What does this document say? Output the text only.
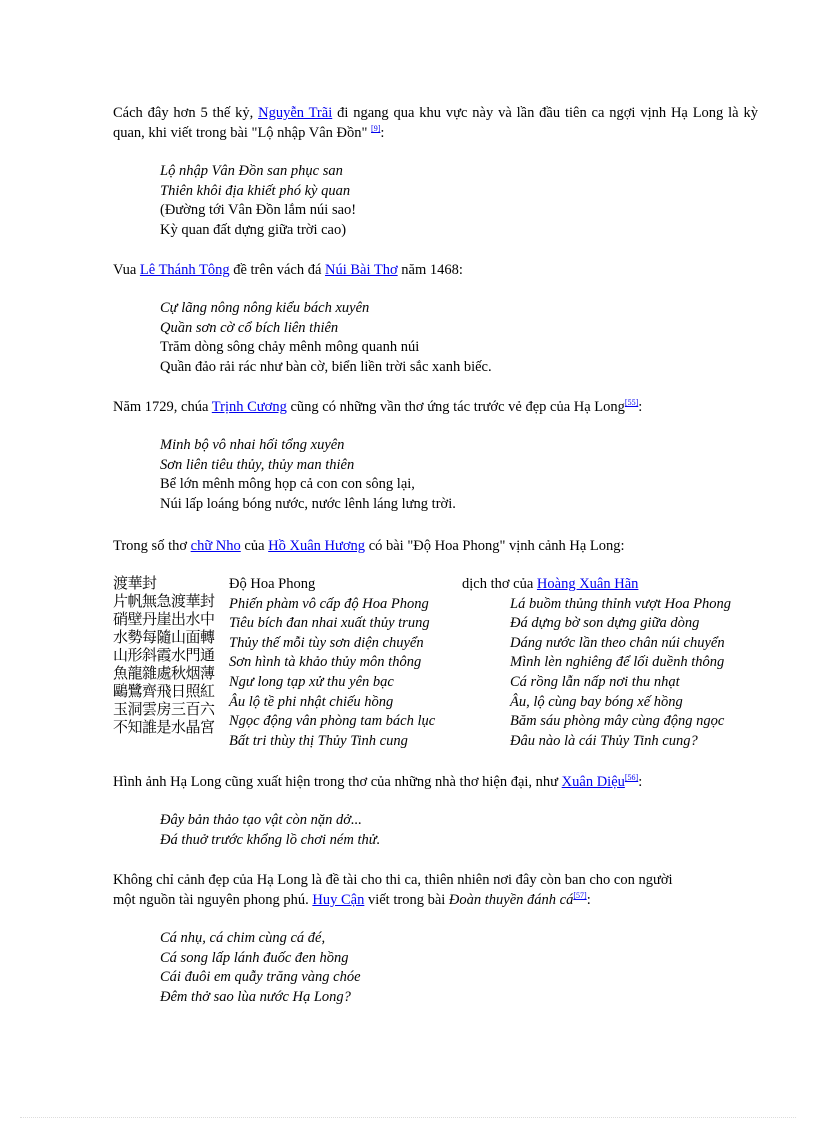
Cách đây hơn 5 thế kỷ, Nguyễn Trãi đi ngang qua khu vực này và lần đầu tiên ca ngợi vịnh Hạ Long là kỳ quan, khi viết trong bài "Lộ nhập Vân Đồn" [9]:
Lộ nhập Vân Đồn san phục san
Thiên khôi địa khiết phó kỳ quan
(Đường tới Vân Đồn lắm núi sao!
Kỳ quan đất dựng giữa trời cao)
Vua Lê Thánh Tông đề trên vách đá Núi Bài Thơ năm 1468:
Cự lãng nông nông kiểu bách xuyên
Quần sơn cờ cổ bích liên thiên
Trăm dòng sông chảy mênh mông quanh núi
Quần đảo rải rác như bàn cờ, biển liền trời sắc xanh biếc.
Năm 1729, chúa Trịnh Cương cũng có những vần thơ ứng tác trước vẻ đẹp của Hạ Long[55]:
Minh bộ vô nhai hối tổng xuyên
Sơn liên tiêu thủy, thủy man thiên
Bể lớn mênh mông họp cả con con sông lại,
Núi lấp loáng bóng nước, nước lênh láng lưng trời.
Trong số thơ chữ Nho của Hồ Xuân Hương có bài "Độ Hoa Phong" vịnh cảnh Hạ Long:
渡華封
片帆無急渡華封
硝壁丹崖出水中
水勢每隨山面轉
山形斜霞水門通
魚龍雜處秋烟薄
鷗鷺齊飛日照紅
玉洞雲房三百六
不知誰是水晶宮
Độ Hoa Phong
Phiến phàm vô cấp độ Hoa Phong
Tiêu bích đan nhai xuất thủy trung
Thủy thế mỗi tùy sơn diện chuyển
Sơn hình tà khảo thủy môn thông
Ngư long tạp xử thu yên bạc
Âu lộ tề phi nhật chiếu hồng
Ngọc động vân phòng tam bách lục
Bất tri thùy thị Thủy Tinh cung
dịch thơ của Hoàng Xuân Hãn
Lá buồm thủng thỉnh vượt Hoa Phong
Đá dựng bờ son dựng giữa dòng
Dáng nước lần theo chân núi chuyển
Mình lèn nghiêng để lối duềnh thông
Cá rồng lẫn nấp nơi thu nhạt
Âu, lộ cùng bay bóng xế hồng
Băm sáu phòng mây cùng động ngọc
Đâu nào là cái Thủy Tinh cung?
Hình ảnh Hạ Long cũng xuất hiện trong thơ của những nhà thơ hiện đại, như Xuân Diệu[56]:
Đây bản thảo tạo vật còn nặn dở...
Đá thuở trước khổng lồ chơi ném thử.
Không chỉ cảnh đẹp của Hạ Long là đề tài cho thi ca, thiên nhiên nơi đây còn ban cho con người
một nguồn tài nguyên phong phú. Huy Cận viết trong bài Đoàn thuyền đánh cá[57]:
Cá nhụ, cá chim cùng cá đé,
Cá song lấp lánh đuốc đen hồng
Cái đuôi em quẫy trăng vàng chóe
Đêm thở sao lùa nước Hạ Long?
